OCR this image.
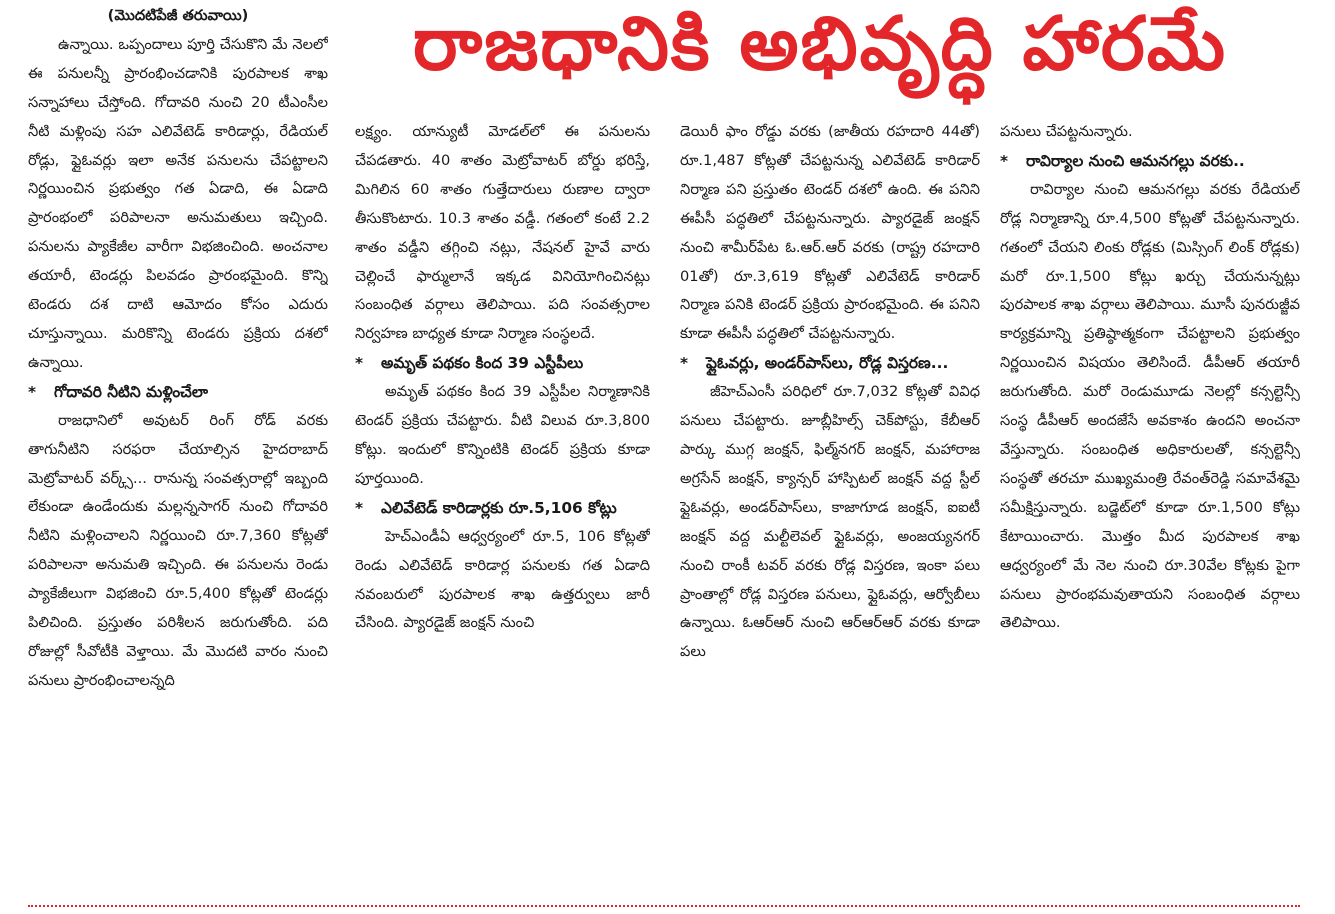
రాజధానికి అభివృద్ధి హారమే
(మొదటిపేజీ తరువాయి)

ఉన్నాయి. ఒప్పందాలు పూర్తి చేసుకొని మే నెలలో ఈ పనులన్నీ ప్రారంభించడానికి పురపాలక శాఖ సన్నాహాలు చేస్తోంది. గోదావరి నుంచి 20 టీఎంసీల నీటి మళ్లింపు సహ ఎలివేటెడ్ కారిడార్లు, రేడియల్ రోడ్లు, ఫ్లైఓవర్లు ఇలా అనేక పనులను చేపట్టాలని నిర్ణయించిన ప్రభుత్వం గత ఏడాది, ఈ ఏడాది ప్రారంభంలో పరిపాలనా అనుమతులు ఇచ్చింది. పనులను ప్యాకేజీల వారీగా విభజించింది. అంచనాల తయారీ, టెండర్లు పిలవడం ప్రారంభమైంది. కొన్ని టెండరు దశ దాటి ఆమోదం కోసం ఎదురు చూస్తున్నాయి. మరికొన్ని టెండరు ప్రక్రియ దశలో ఉన్నాయి.

* గోదావరి నీటిని మళ్లించేలా

రాజధానిలో అవుటర్ రింగ్ రోడ్ వరకు తాగునీటిని సరఫరా చేయాల్సిన హైదరాబాద్ మెట్రోవాటర్ వర్క్స్... రానున్న సంవత్సరాల్లో ఇబ్బంది లేకుండా ఉండేందుకు మల్లన్నసాగర్ నుంచి గోదావరి నీటిని మళ్లించాలని నిర్ణయించి రూ.7,360 కోట్లతో పరిపాలనా అనుమతి ఇచ్చింది. ఈ పనులను రెండు ప్యాకేజీలుగా విభజించి రూ.5,400 కోట్లతో టెండర్లు పిలిచింది. ప్రస్తుతం పరిశీలన జరుగుతోంది. పది రోజుల్లో సీవోటీకి వెళ్తాయి. మే మొదటి వారం నుంచి పనులు ప్రారంభించాలన్నది

లక్ష్యం. యాన్యుటీ మోడల్‌లో ఈ పనులను చేపడతారు. 40 శాతం మెట్రోవాటర్ బోర్డు భరిస్తే, మిగిలిన 60 శాతం గుత్తేదారులు రుణాల ద్వారా తీసుకొంటారు. 10.3 శాతం వడ్డీ. గతంలో కంటే 2.2 శాతం వడ్డీని తగ్గించి నట్లు, నేషనల్ హైవే వారు చెల్లించే ఫార్ములానే ఇక్కడ వినియోగించినట్లు సంబంధిత వర్గాలు తెలిపాయి. పది సంవత్సరాల నిర్వహణ బాధ్యత కూడా నిర్మాణ సంస్థలదే.

* అమృత్ పథకం కింద 39 ఎస్టీపీలు

అమృత్ పథకం కింద 39 ఎస్టీపీల నిర్మాణానికి టెండర్ ప్రక్రియ చేపట్టారు. వీటి విలువ రూ.3,800 కోట్లు. ఇందులో కొన్నింటికి టెండర్ ప్రక్రియ కూడా పూర్తయింది.

* ఎలివేటెడ్ కారిడార్లకు రూ.5,106 కోట్లు

హెచ్ఎండీఏ ఆధ్వర్యంలో రూ.5, 106 కోట్లతో రెండు ఎలివేటెడ్ కారిడార్ల పనులకు గత ఏడాది నవంబరులో పురపాలక శాఖ ఉత్తర్వులు జారీ చేసింది. ప్యారడైజ్ జంక్షన్ నుంచి

డెయిరీ ఫాం రోడ్డు వరకు (జాతీయ రహదారి 44తో) రూ.1,487 కోట్లతో చేపట్టనున్న ఎలివేటెడ్ కారిడార్ నిర్మాణ పని ప్రస్తుతం టెండర్ దశలో ఉంది. ఈ పనిని ఈపీసీ పద్ధతిలో చేపట్టనున్నారు. ప్యారడైజ్ జంక్షన్ నుంచి శామీర్‌పేట ఓ.ఆర్.ఆర్ వరకు (రాష్ట్ర రహదారి 01తో) రూ.3,619 కోట్లతో ఎలివేటెడ్ కారిడార్ నిర్మాణ పనికి టెండర్ ప్రక్రియ ప్రారంభమైంది. ఈ పనిని కూడా ఈపీసీ పద్ధతిలో చేపట్టనున్నారు.

* ఫ్లైఓవర్లు, అండర్‌పాస్‌లు, రోడ్ల విస్తరణ...

జీహెచ్ఎంసీ పరిధిలో రూ.7,032 కోట్లతో వివిధ పనులు చేపట్టారు. జూబ్లీహిల్స్ చెక్‌పోస్టు, కేబీఆర్ పార్కు ముగ్గ జంక్షన్, ఫిల్మ్‌నగర్ జంక్షన్, మహారాజ అగ్రసేన్ జంక్షన్, క్యాన్సర్ హాస్పిటల్ జంక్షన్ వద్ద స్టీల్ ఫ్లైఓవర్లు, అండర్‌పాస్‌లు, కాజాగూడ జంక్షన్, ఐఐటీ జంక్షన్ వద్ద మల్టీలెవల్ ఫ్లైఓవర్లు, అంజయ్యనగర్ నుంచి రాంకీ టవర్ వరకు రోడ్ల విస్తరణ, ఇంకా పలు ప్రాంతాల్లో రోడ్ల విస్తరణ పనులు, ఫ్లైఓవర్లు, ఆర్వోబీలు ఉన్నాయి. ఓఆర్ఆర్ నుంచి ఆర్ఆర్ఆర్ వరకు కూడా పలు

పనులు చేపట్టనున్నారు.

* రావిర్యాల నుంచి ఆమనగల్లు వరకు..

రావిర్యాల నుంచి ఆమనగల్లు వరకు రేడియల్ రోడ్ల నిర్మాణాన్ని రూ.4,500 కోట్లతో చేపట్టనున్నారు. గతంలో చేయని లింకు రోడ్లకు (మిస్సింగ్ లింక్ రోడ్లకు) మరో రూ.1,500 కోట్లు ఖర్చు చేయనున్నట్లు పురపాలక శాఖ వర్గాలు తెలిపాయి. మూసీ పునరుజ్జీవ కార్యక్రమాన్ని ప్రతిష్ఠాత్మకంగా చేపట్టాలని ప్రభుత్వం నిర్ణయించిన విషయం తెలిసిందే. డీపీఆర్ తయారీ జరుగుతోంది. మరో రెండుమూడు నెలల్లో కన్సల్టెన్సీ సంస్థ డీపీఆర్ అందజేసే అవకాశం ఉందని అంచనా వేస్తున్నారు. సంబంధిత అధికారులతో, కన్సల్టెన్సీ సంస్థతో తరచూ ముఖ్యమంత్రి రేవంత్‌రెడ్డి సమావేశమై సమీక్షిస్తున్నారు. బడ్జెట్‌లో కూడా రూ.1,500 కోట్లు కేటాయించారు. మొత్తం మీద పురపాలక శాఖ ఆధ్వర్యంలో మే నెల నుంచి రూ.30వేల కోట్లకు పైగా పనులు ప్రారంభమవుతాయని సంబంధిత వర్గాలు తెలిపాయి.
